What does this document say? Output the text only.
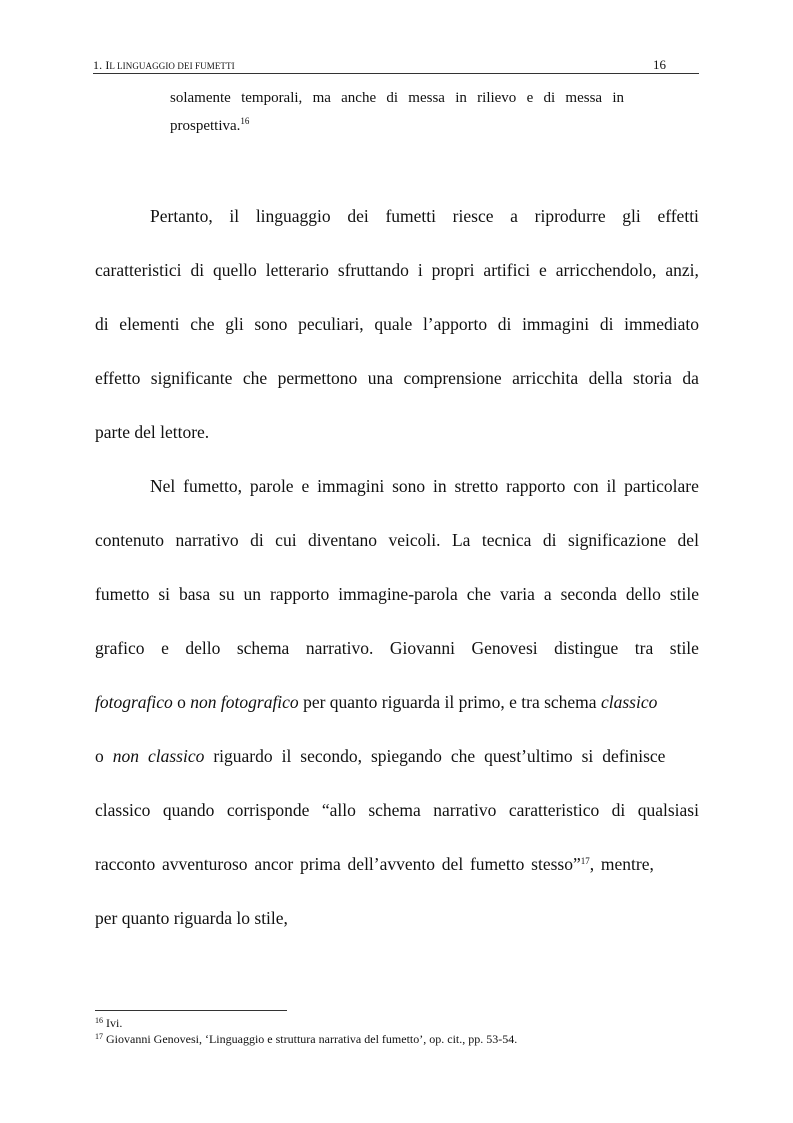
1. IL LINGUAGGIO DEI FUMETTI	16
solamente temporali, ma anche di messa in rilievo e di messa in
prospettiva.$^{16}$
Pertanto, il linguaggio dei fumetti riesce a riprodurre gli effetti
caratteristici di quello letterario sfruttando i propri artifici e arricchendolo, anzi,
di elementi che gli sono peculiari, quale l’apporto di immagini di immediato
effetto significante che permettono una comprensione arricchita della storia da
parte del lettore.
Nel fumetto, parole e immagini sono in stretto rapporto con il particolare
contenuto narrativo di cui diventano veicoli. La tecnica di significazione del
fumetto si basa su un rapporto immagine-parola che varia a seconda dello stile
grafico e dello schema narrativo. Giovanni Genovesi distingue tra stile
fotografico o non fotografico per quanto riguarda il primo, e tra schema classico
o non classico riguardo il secondo, spiegando che quest’ultimo si definisce
classico quando corrisponde “allo schema narrativo caratteristico di qualsiasi
racconto avventuroso ancor prima dell’avvento del fumetto stesso”$^{17}$, mentre,
per quanto riguarda lo stile,
$^{16}$ Ivi.
$^{17}$ Giovanni Genovesi, ‘Linguaggio e struttura narrativa del fumetto’, op. cit., pp. 53-54.
